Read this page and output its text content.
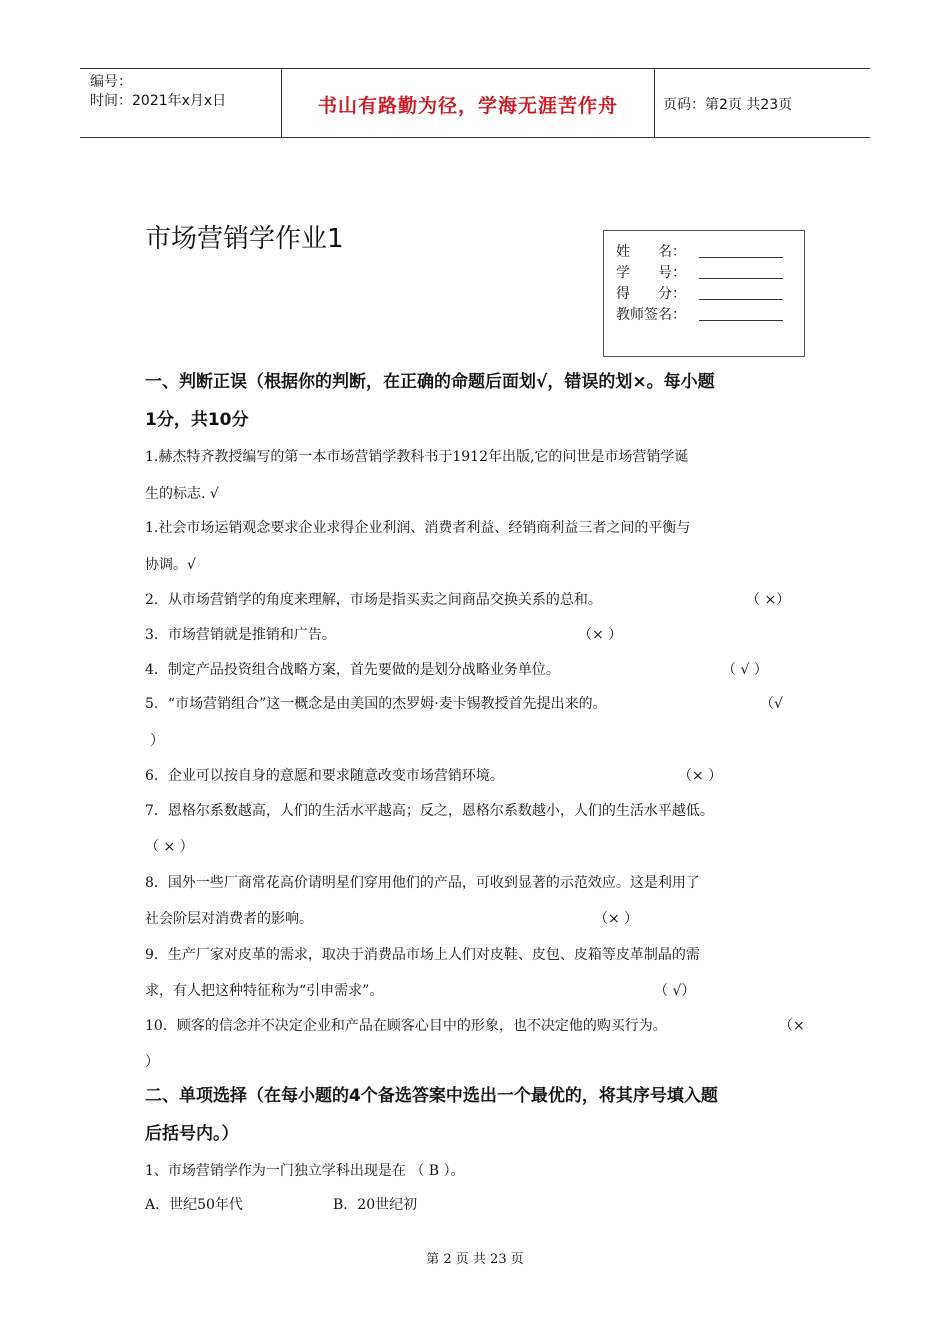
编号：
时间：2021年x月x日	书山有路勤为径，学海无涯苦作舟	页码：第2页 共23页
市场营销学作业1	姓　　名：
学　　号：
得　　分：
教师签名：
一、判断正误（根据你的判断，在正确的命题后面划√，错误的划×。每小题
1分，共10分
1.赫杰特齐教授编写的第一本市场营销学教科书于1912年出版,它的问世是市场营销学诞
生的标志. √
1.社会市场运销观念要求企业求得企业利润、消费者利益、经销商利益三者之间的平衡与
协调。√
2．从市场营销学的角度来理解，市场是指买卖之间商品交换关系的总和。	（ ×）
3．市场营销就是推销和广告。	（× ）
4．制定产品投资组合战略方案，首先要做的是划分战略业务单位。	（ √ ）
5．“市场营销组合”这一概念是由美国的杰罗姆·麦卡锡教授首先提出来的。	（√
）
6．企业可以按自身的意愿和要求随意改变市场营销环境。	（× ）
7．恩格尔系数越高，人们的生活水平越高；反之，恩格尔系数越小，人们的生活水平越低。
（ × ）
8．国外一些厂商常花高价请明星们穿用他们的产品，可收到显著的示范效应。这是利用了
社会阶层对消费者的影响。	（× ）
9．生产厂家对皮革的需求，取决于消费品市场上人们对皮鞋、皮包、皮箱等皮革制晶的需
求，有人把这种特征称为“引申需求”。	（ √）
10．顾客的信念并不决定企业和产品在顾客心目中的形象，也不决定他的购买行为。	（×
）
二、单项选择（在每小题的4个备选答案中选出一个最优的，将其序号填入题
后括号内。）
1、市场营销学作为一门独立学科出现是在 （ B ）。
A．世纪50年代	B．20世纪初
第 2 页 共 23 页
